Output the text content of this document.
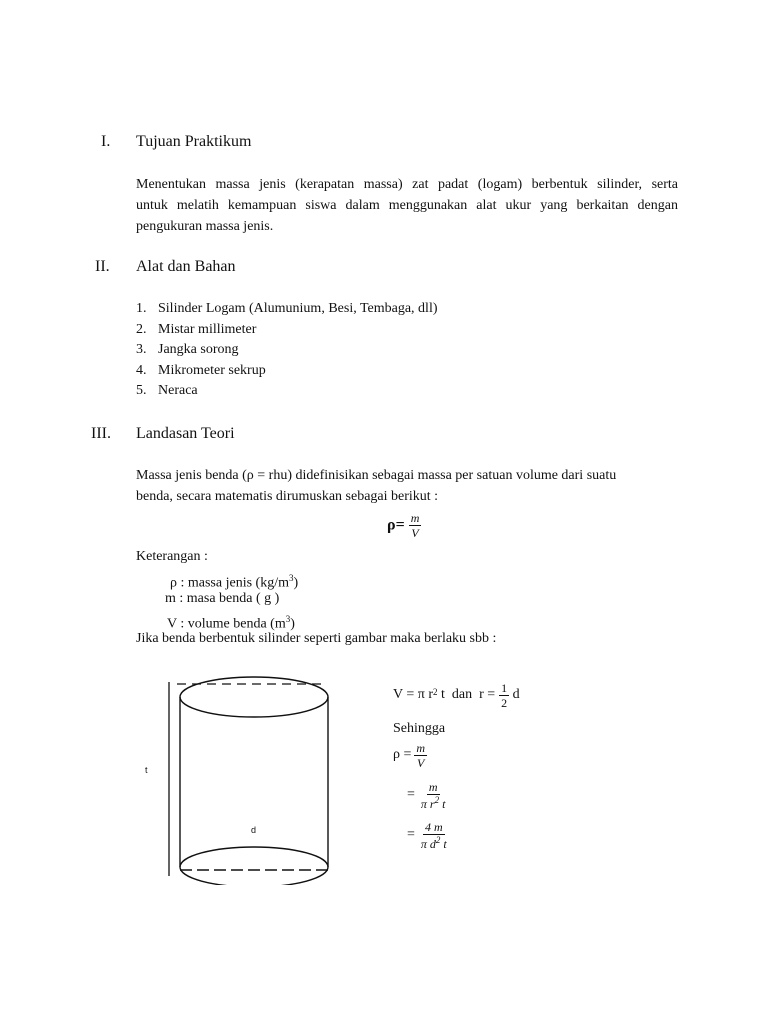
I. Tujuan Praktikum
Menentukan massa jenis (kerapatan massa) zat padat (logam) berbentuk silinder, serta
untuk melatih kemampuan siswa dalam menggunakan alat ukur yang berkaitan dengan
pengukuran massa jenis.
II. Alat dan Bahan
1. Silinder Logam (Alumunium, Besi, Tembaga, dll)
2. Mistar millimeter
3. Jangka sorong
4. Mikrometer sekrup
5. Neraca
III. Landasan Teori
Massa jenis benda (ρ = rhu) didefinisikan sebagai massa per satuan volume dari suatu
benda, secara matematis dirumuskan sebagai berikut :
$\rho= \frac{m}{V}$
Keterangan :
ρ : massa jenis $(kg/m^3)$
m : masa benda ( g )
V : volume benda $(m^3)$
Jika benda berbentuk silinder seperti gambar maka berlaku sbb :
t
d
V = π $r^2$ t  dan  $r = \frac{1}{2}$ d
Sehingga
$\rho = \frac{m}{V}$
= $\frac{m}{\pi r^2 t}$
= $\frac{4 m}{\pi d^2 t}$
